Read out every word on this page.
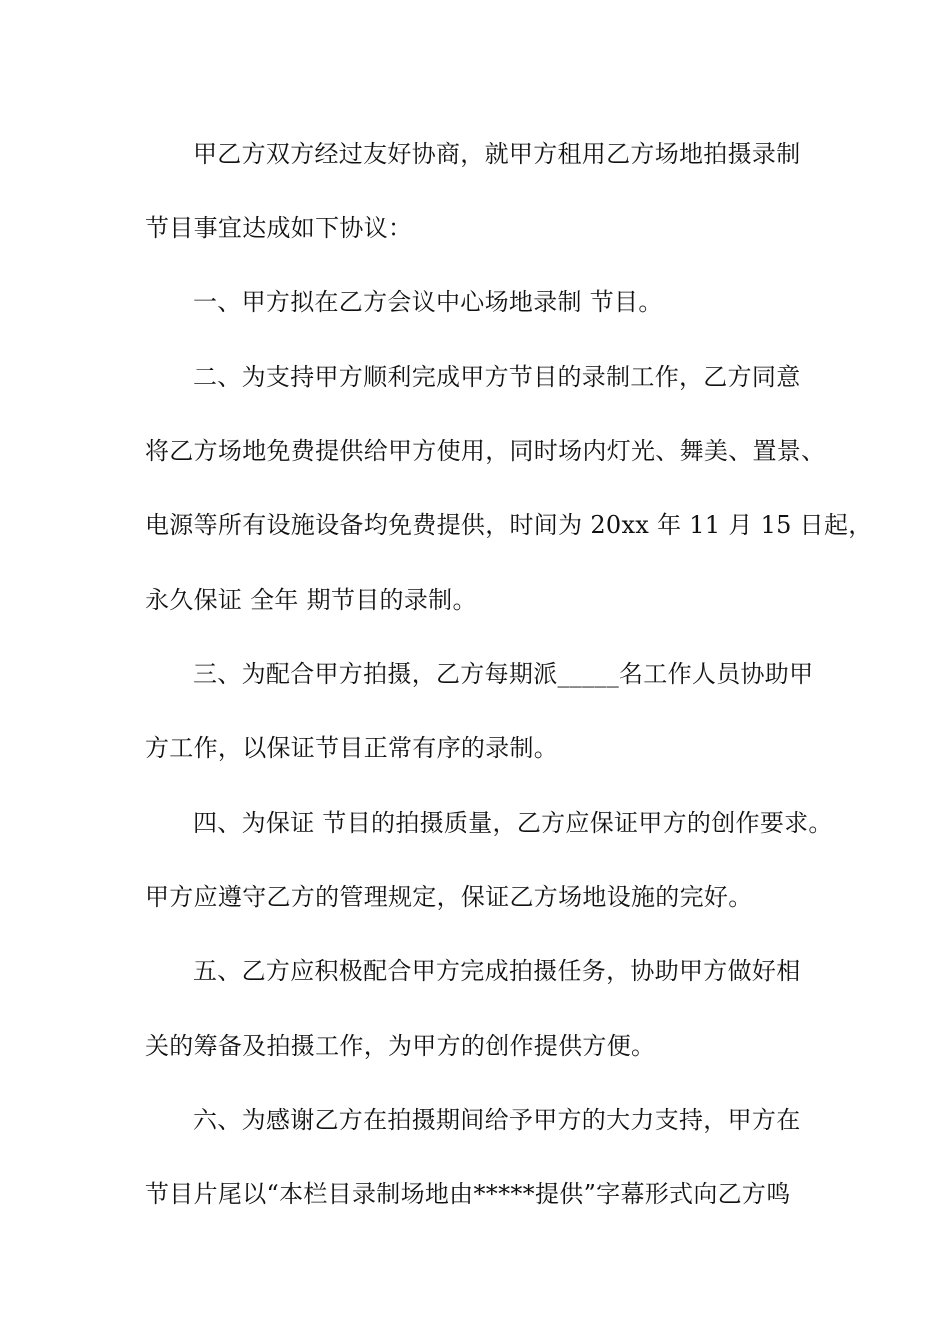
甲乙方双方经过友好协商，就甲方租用乙方场地拍摄录制
节目事宜达成如下协议：
一、甲方拟在乙方会议中心场地录制 节目。
二、为支持甲方顺利完成甲方节目的录制工作，乙方同意
将乙方场地免费提供给甲方使用，同时场内灯光、舞美、置景、
电源等所有设施设备均免费提供，时间为 20xx 年 11 月 15 日起，
永久保证 全年 期节目的录制。
三、为配合甲方拍摄，乙方每期派_____名工作人员协助甲
方工作，以保证节目正常有序的录制。
四、为保证 节目的拍摄质量，乙方应保证甲方的创作要求。
甲方应遵守乙方的管理规定，保证乙方场地设施的完好。
五、乙方应积极配合甲方完成拍摄任务，协助甲方做好相
关的筹备及拍摄工作，为甲方的创作提供方便。
六、为感谢乙方在拍摄期间给予甲方的大力支持，甲方在
节目片尾以“本栏目录制场地由*****提供”字幕形式向乙方鸣
